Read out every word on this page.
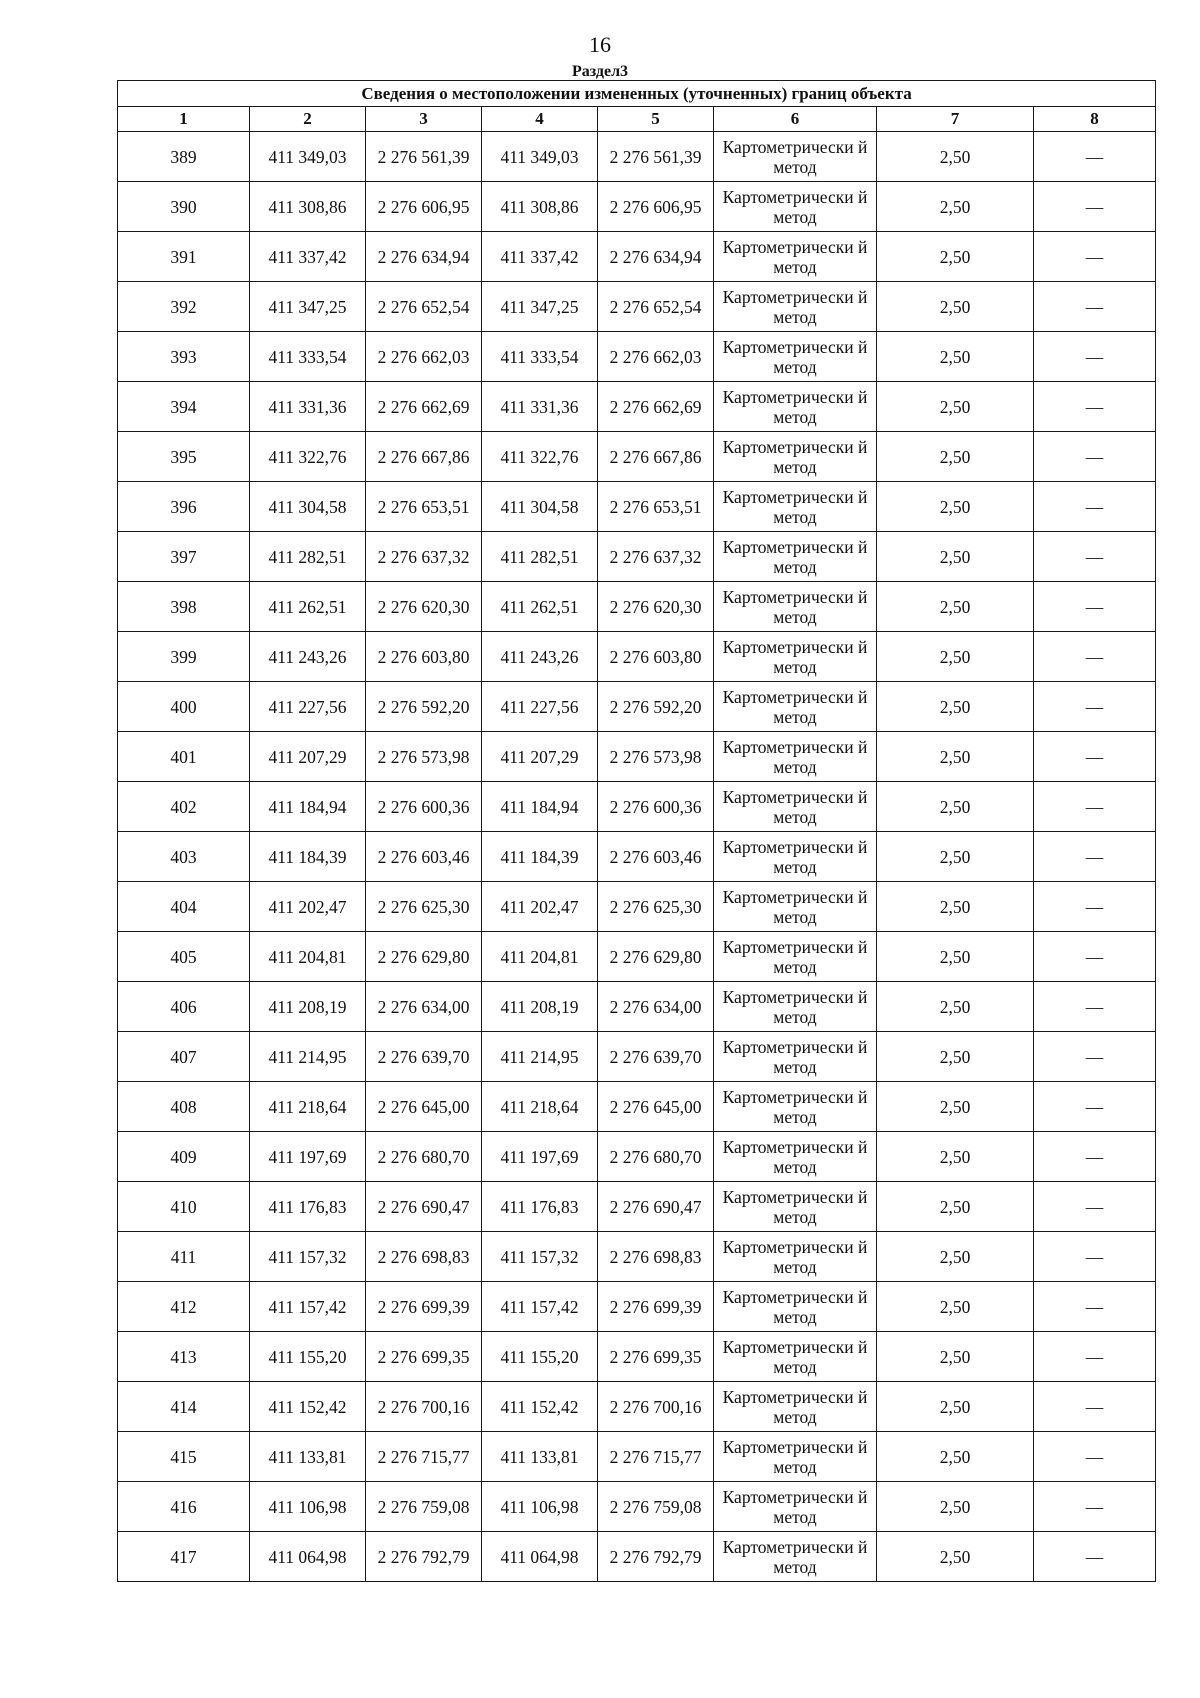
16
Раздел3
Сведения о местоположении измененных (уточненных) границ объекта							
1	2	3	4	5	6	7	8
389	411 349,03	2 276 561,39	411 349,03	2 276 561,39	Картометрически й метод	2,50	—
390	411 308,86	2 276 606,95	411 308,86	2 276 606,95	Картометрически й метод	2,50	—
391	411 337,42	2 276 634,94	411 337,42	2 276 634,94	Картометрически й метод	2,50	—
392	411 347,25	2 276 652,54	411 347,25	2 276 652,54	Картометрически й метод	2,50	—
393	411 333,54	2 276 662,03	411 333,54	2 276 662,03	Картометрически й метод	2,50	—
394	411 331,36	2 276 662,69	411 331,36	2 276 662,69	Картометрически й метод	2,50	—
395	411 322,76	2 276 667,86	411 322,76	2 276 667,86	Картометрически й метод	2,50	—
396	411 304,58	2 276 653,51	411 304,58	2 276 653,51	Картометрически й метод	2,50	—
397	411 282,51	2 276 637,32	411 282,51	2 276 637,32	Картометрически й метод	2,50	—
398	411 262,51	2 276 620,30	411 262,51	2 276 620,30	Картометрически й метод	2,50	—
399	411 243,26	2 276 603,80	411 243,26	2 276 603,80	Картометрически й метод	2,50	—
400	411 227,56	2 276 592,20	411 227,56	2 276 592,20	Картометрически й метод	2,50	—
401	411 207,29	2 276 573,98	411 207,29	2 276 573,98	Картометрически й метод	2,50	—
402	411 184,94	2 276 600,36	411 184,94	2 276 600,36	Картометрически й метод	2,50	—
403	411 184,39	2 276 603,46	411 184,39	2 276 603,46	Картометрически й метод	2,50	—
404	411 202,47	2 276 625,30	411 202,47	2 276 625,30	Картометрически й метод	2,50	—
405	411 204,81	2 276 629,80	411 204,81	2 276 629,80	Картометрически й метод	2,50	—
406	411 208,19	2 276 634,00	411 208,19	2 276 634,00	Картометрически й метод	2,50	—
407	411 214,95	2 276 639,70	411 214,95	2 276 639,70	Картометрически й метод	2,50	—
408	411 218,64	2 276 645,00	411 218,64	2 276 645,00	Картометрически й метод	2,50	—
409	411 197,69	2 276 680,70	411 197,69	2 276 680,70	Картометрически й метод	2,50	—
410	411 176,83	2 276 690,47	411 176,83	2 276 690,47	Картометрически й метод	2,50	—
411	411 157,32	2 276 698,83	411 157,32	2 276 698,83	Картометрически й метод	2,50	—
412	411 157,42	2 276 699,39	411 157,42	2 276 699,39	Картометрически й метод	2,50	—
413	411 155,20	2 276 699,35	411 155,20	2 276 699,35	Картометрически й метод	2,50	—
414	411 152,42	2 276 700,16	411 152,42	2 276 700,16	Картометрически й метод	2,50	—
415	411 133,81	2 276 715,77	411 133,81	2 276 715,77	Картометрически й метод	2,50	—
416	411 106,98	2 276 759,08	411 106,98	2 276 759,08	Картометрически й метод	2,50	—
417	411 064,98	2 276 792,79	411 064,98	2 276 792,79	Картометрически й метод	2,50	—
